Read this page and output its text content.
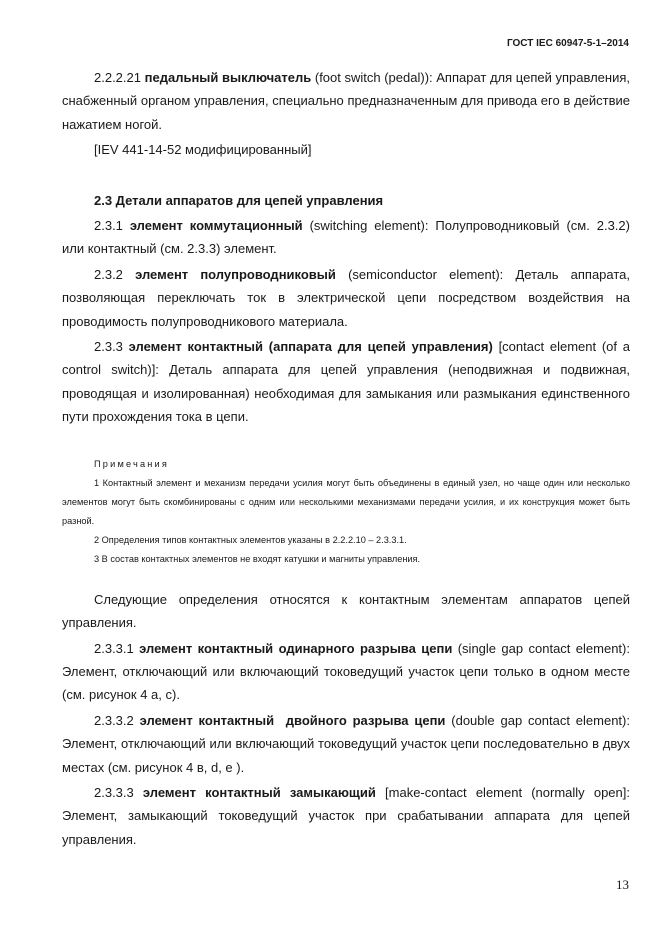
ГОСТ IEC 60947-5-1–2014

2.2.2.21 педальный выключатель (foot switch (pedal)): Аппарат для цепей управления, снабженный органом управления, специально предназначенным для привода его в действие нажатием ногой.

[IEV 441-14-52 модифицированный]

2.3 Детали аппаратов для цепей управления

2.3.1 элемент коммутационный (switching element): Полупроводниковый (см. 2.3.2) или контактный (см. 2.3.3) элемент.

2.3.2 элемент полупроводниковый (semiconductor element): Деталь аппарата, позволяющая переключать ток в электрической цепи посредством воздействия на проводимость полупроводникового материала.

2.3.3 элемент контактный (аппарата для цепей управления) [contact element (of a control switch)]: Деталь аппарата для цепей управления (неподвижная и подвижная, проводящая и изолированная) необходимая для замыкания или размыкания единственного пути прохождения тока в цепи.

Примечания

1 Контактный элемент и механизм передачи усилия могут быть объединены в единый узел, но чаще один или несколько элементов могут быть скомбинированы с одним или несколькими механизмами передачи усилия, и их конструкция может быть разной.

2 Определения типов контактных элементов указаны в 2.2.2.10 – 2.3.3.1.

3 В состав контактных элементов не входят катушки и магниты управления.

Следующие определения относятся к контактным элементам аппаратов цепей управления.

2.3.3.1 элемент контактный одинарного разрыва цепи (single gap contact element): Элемент, отключающий или включающий токоведущий участок цепи только в одном месте (см. рисунок 4 a, c).

2.3.3.2 элемент контактный  двойного разрыва цепи (double gap contact element): Элемент, отключающий или включающий токоведущий участок цепи последовательно в двух местах (см. рисунок 4 в, d, e ).

2.3.3.3 элемент контактный замыкающий [make-contact element (normally open]: Элемент, замыкающий токоведущий участок при срабатывании аппарата для цепей управления.

13
